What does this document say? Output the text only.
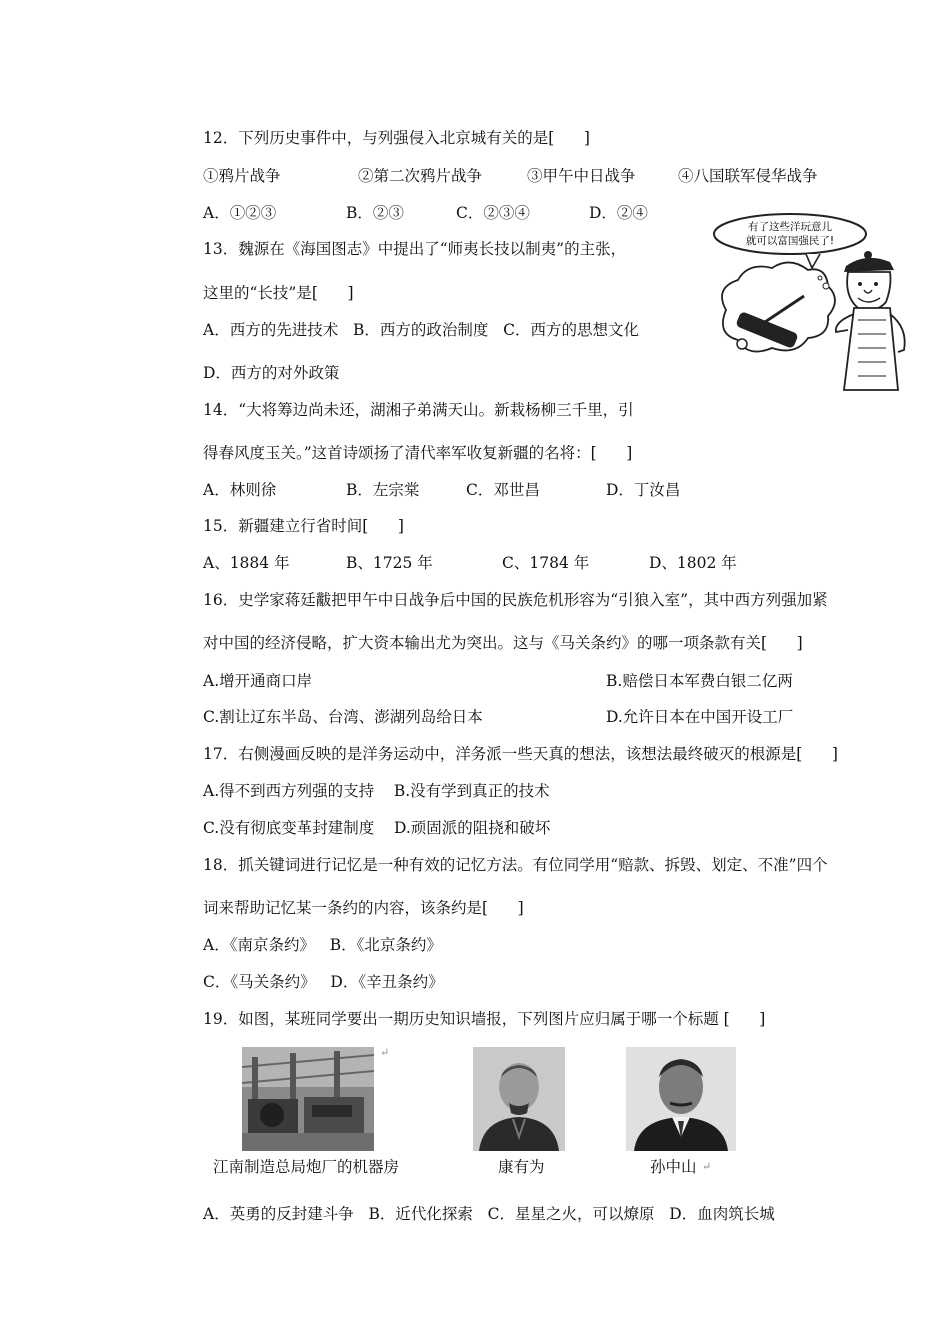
12．下列历史事件中，与列强侵入北京城有关的是[      ]
①鸦片战争	②第二次鸦片战争	③甲午中日战争	④八国联军侵华战争
A．①②③	B．②③	C．②③④	D．②④
13．魏源在《海国图志》中提出了“师夷长技以制夷”的主张，
这里的“长技”是[      ]
A．西方的先进技术   B．西方的政治制度   C．西方的思想文化
D．西方的对外政策
有了这些洋玩意儿
就可以富国强民了!
14．“大将筹边尚未还，湖湘子弟满天山。新栽杨柳三千里，引
得春风度玉关。”这首诗颂扬了清代率军收复新疆的名将：[      ]
A．林则徐	B．左宗棠	C．邓世昌	D．丁汝昌
15．新疆建立行省时间[      ]
A、1884 年	B、1725 年	C、1784 年	D、1802 年
16．史学家蒋廷黻把甲午中日战争后中国的民族危机形容为“引狼入室”，其中西方列强加紧
对中国的经济侵略，扩大资本输出尤为突出。这与《马关条约》的哪一项条款有关[      ]
A.增开通商口岸	B.赔偿日本军费白银二亿两
C.割让辽东半岛、台湾、澎湖列岛给日本	D.允许日本在中国开设工厂
17．右侧漫画反映的是洋务运动中，洋务派一些天真的想法，该想法最终破灭的根源是[      ]
A.得不到西方列强的支持    B.没有学到真正的技术
C.没有彻底变革封建制度    D.顽固派的阻挠和破坏
18．抓关键词进行记忆是一种有效的记忆方法。有位同学用“赔款、拆毁、划定、不准”四个
词来帮助记忆某一条约的内容，该条约是[      ]
A．《南京条约》   B．《北京条约》
C．《马关条约》   D．《辛丑条约》
19．如图，某班同学要出一期历史知识墙报，下列图片应归属于哪一个标题 [      ]
↵
江南制造总局炮厂的机器房	康有为	孙中山 ↵
A．英勇的反封建斗争   B．近代化探索   C．星星之火，可以燎原   D．血肉筑长城
